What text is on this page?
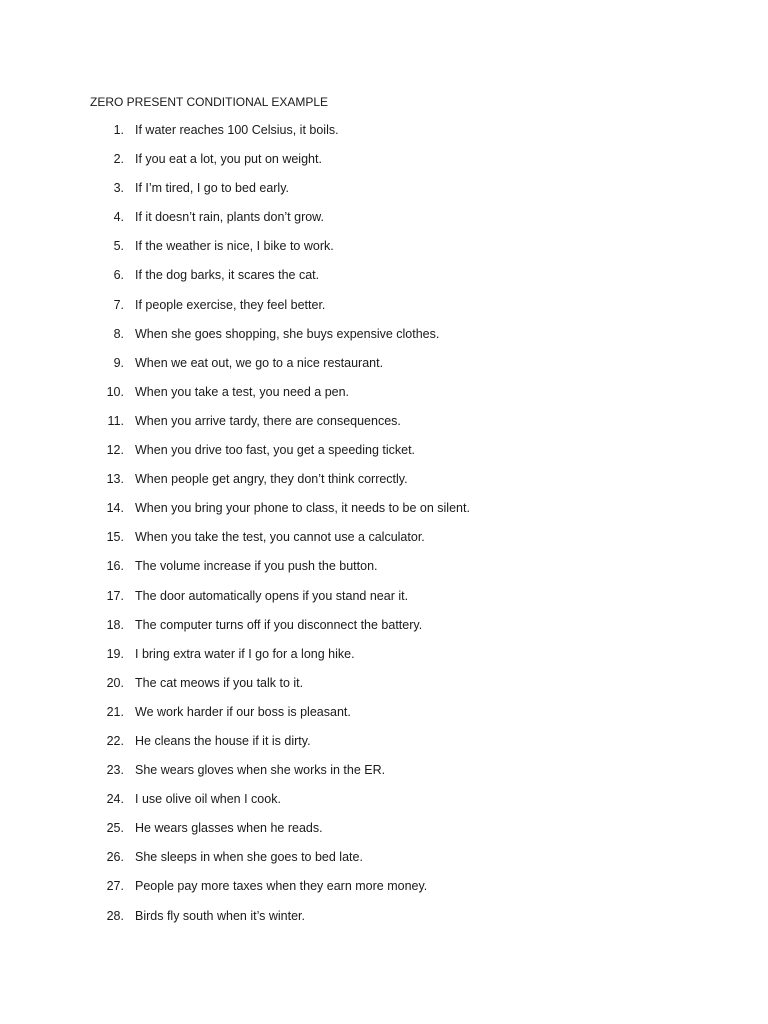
ZERO PRESENT CONDITIONAL EXAMPLE
1. If water reaches 100 Celsius, it boils.
2. If you eat a lot, you put on weight.
3. If I’m tired, I go to bed early.
4. If it doesn’t rain, plants don’t grow.
5. If the weather is nice, I bike to work.
6. If the dog barks, it scares the cat.
7. If people exercise, they feel better.
8. When she goes shopping, she buys expensive clothes.
9. When we eat out, we go to a nice restaurant.
10. When you take a test, you need a pen.
11. When you arrive tardy, there are consequences.
12. When you drive too fast, you get a speeding ticket.
13. When people get angry, they don’t think correctly.
14. When you bring your phone to class, it needs to be on silent.
15. When you take the test, you cannot use a calculator.
16. The volume increase if you push the button.
17. The door automatically opens if you stand near it.
18. The computer turns off if you disconnect the battery.
19. I bring extra water if I go for a long hike.
20. The cat meows if you talk to it.
21. We work harder if our boss is pleasant.
22. He cleans the house if it is dirty.
23. She wears gloves when she works in the ER.
24. I use olive oil when I cook.
25. He wears glasses when he reads.
26. She sleeps in when she goes to bed late.
27. People pay more taxes when they earn more money.
28. Birds fly south when it’s winter.
